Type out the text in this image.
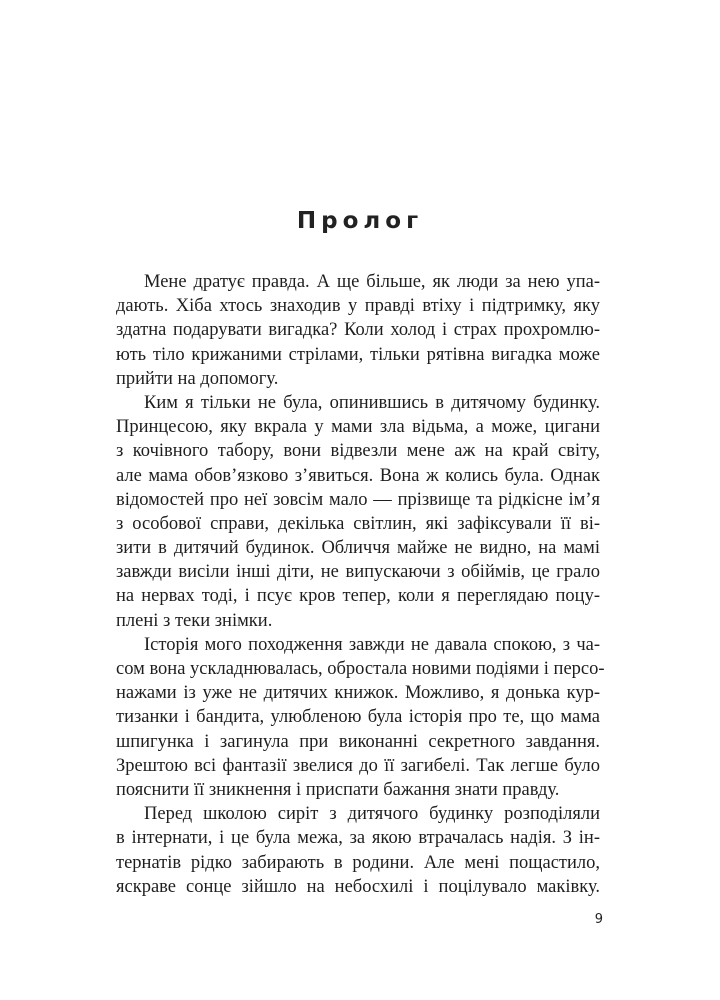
Пролог
Мене дратує правда. А ще більше, як люди за нею упа-
дають. Хіба хтось знаходив у правді втіху і підтримку, яку
здатна подарувати вигадка? Коли холод і страх прохромлю-
ють тіло крижаними стрілами, тільки рятівна вигадка може
прийти на допомогу.
Ким я тільки не була, опинившись в дитячому будинку.
Принцесою, яку вкрала у мами зла відьма, а може, цигани
з кочівного табору, вони відвезли мене аж на край світу,
але мама обов’язково з’явиться. Вона ж колись була. Однак
відомостей про неї зовсім мало — прізвище та рідкісне ім’я
з особової справи, декілька світлин, які зафіксували її ві-
зити в дитячий будинок. Обличчя майже не видно, на мамі
завжди висіли інші діти, не випускаючи з обіймів, це грало
на нервах тоді, і псує кров тепер, коли я переглядаю поцу-
плені з теки знімки.
Історія мого походження завжди не давала спокою, з ча-
сом вона ускладнювалась, обростала новими подіями і персо-
нажами із уже не дитячих книжок. Можливо, я донька кур-
тизанки і бандита, улюбленою була історія про те, що мама
шпигунка і загинула при виконанні секретного завдання.
Зрештою всі фантазії звелися до її загибелі. Так легше було
пояснити її зникнення і приспати бажання знати правду.
Перед школою сиріт з дитячого будинку розподіляли
в інтернати, і це була межа, за якою втрачалась надія. З ін-
тернатів рідко забирають в родини. Але мені пощастило,
яскраве сонце зійшло на небосхилі і поцілувало маківку.
9
